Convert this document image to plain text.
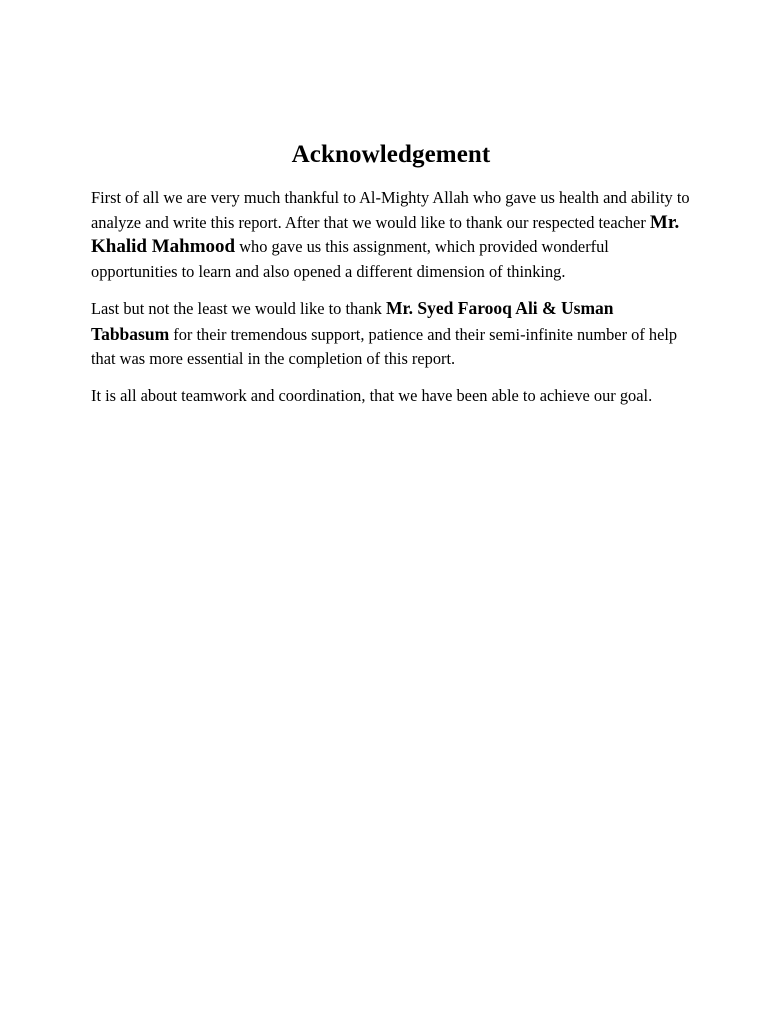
Acknowledgement

First of all we are very much thankful to Al-Mighty Allah who gave us health and ability to analyze and write this report. After that we would like to thank our respected teacher Mr. Khalid Mahmood who gave us this assignment, which provided wonderful opportunities to learn and also opened a different dimension of thinking.

Last but not the least we would like to thank Mr. Syed Farooq Ali & Usman Tabbasum for their tremendous support, patience and their semi-infinite number of help that was more essential in the completion of this report.

It is all about teamwork and coordination, that we have been able to achieve our goal.
